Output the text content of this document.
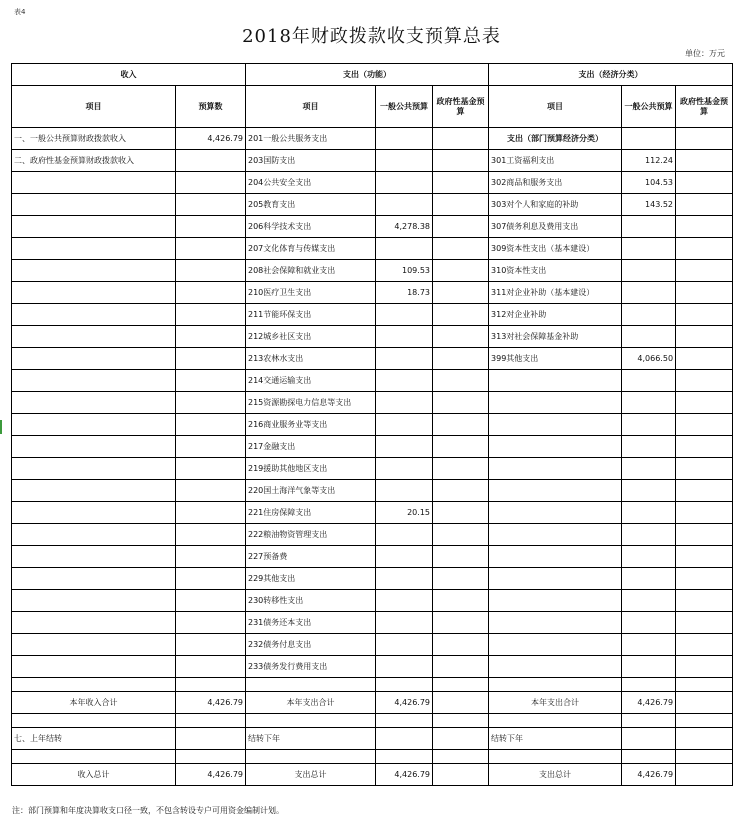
表4
2018年财政拨款收支预算总表
单位：万元
收入		支出（功能）			支出（经济分类）		
项目	预算数	项目	一般公共预算	政府性基金预算	项目	一般公共预算	政府性基金预算
一、一般公共预算财政拨款收入	4,426.79	201一般公共服务支出			支出（部门预算经济分类）		
二、政府性基金预算财政拨款收入		203国防支出			301工资福利支出	112.24	
		204公共安全支出			302商品和服务支出	104.53	
		205教育支出			303对个人和家庭的补助	143.52	
		206科学技术支出	4,278.38		307债务利息及费用支出		
		207文化体育与传媒支出			309资本性支出（基本建设）		
		208社会保障和就业支出	109.53		310资本性支出		
		210医疗卫生支出	18.73		311对企业补助（基本建设）		
		211节能环保支出			312对企业补助		
		212城乡社区支出			313对社会保障基金补助		
		213农林水支出			399其他支出	4,066.50	
		214交通运输支出					
		215资源勘探电力信息等支出					
		216商业服务业等支出					
		217金融支出					
		219援助其他地区支出					
		220国土海洋气象等支出					
		221住房保障支出	20.15				
		222粮油物资管理支出					
		227预备费					
		229其他支出					
		230转移性支出					
		231债务还本支出					
		232债务付息支出					
		233债务发行费用支出					

本年收入合计	4,426.79	本年支出合计	4,426.79		本年支出合计	4,426.79	

七、上年结转		结转下年			结转下年		

收入总计	4,426.79	支出总计	4,426.79		支出总计	4,426.79	
注：部门预算和年度决算收支口径一致，不包含转设专户可用资金编制计划。
